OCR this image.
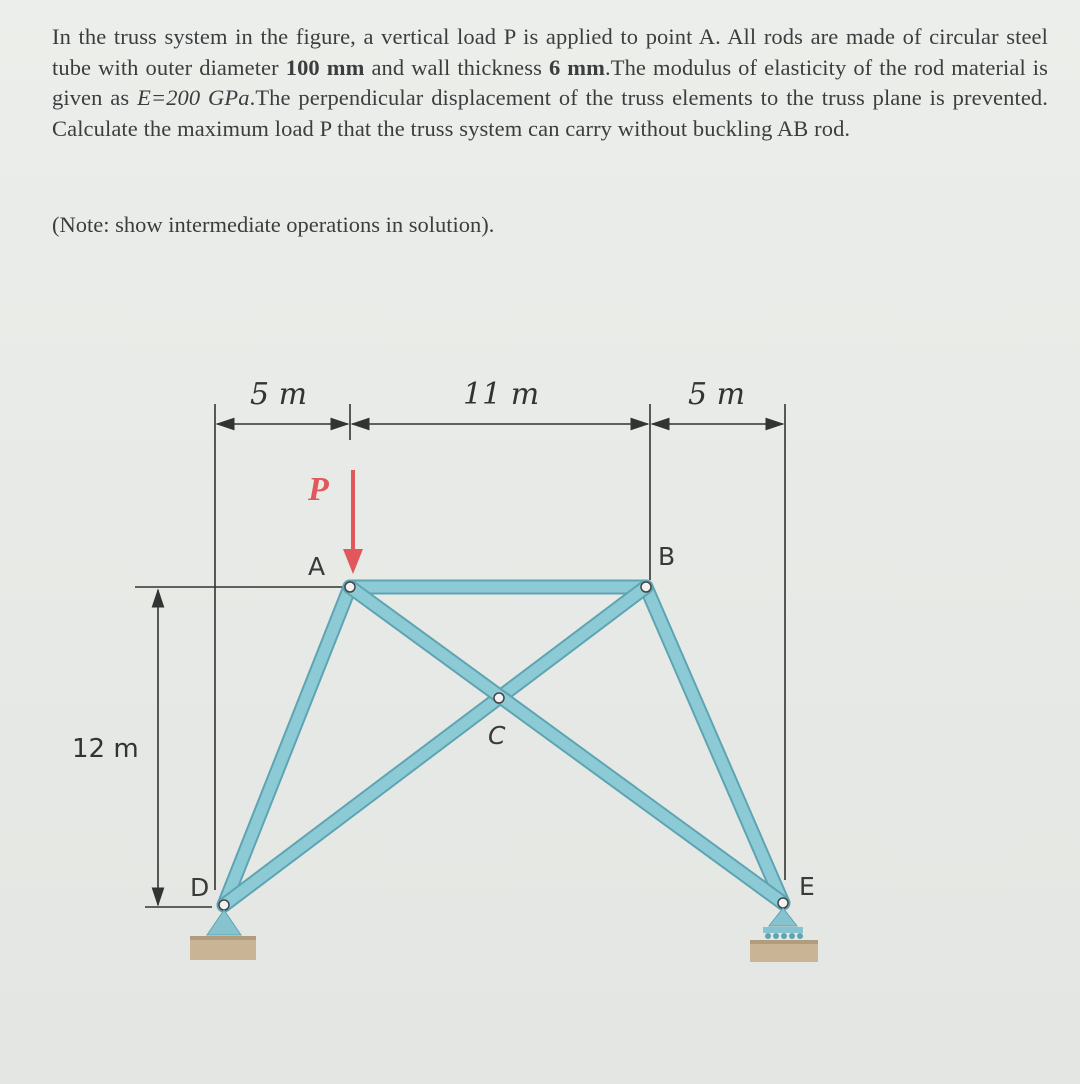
In the truss system in the figure, a vertical load P is applied to point A. All rods are made of circular steel tube with outer diameter 100 mm and wall thickness 6 mm.The modulus of elasticity of the rod material is given as E=200 GPa.The perpendicular displacement of the truss elements to the truss plane is prevented. Calculate the maximum load P that the truss system can carry without buckling AB rod.

(Note: show intermediate operations in solution).

5 m	11 m	5 m
12 m
P
A	B
C
D	E
